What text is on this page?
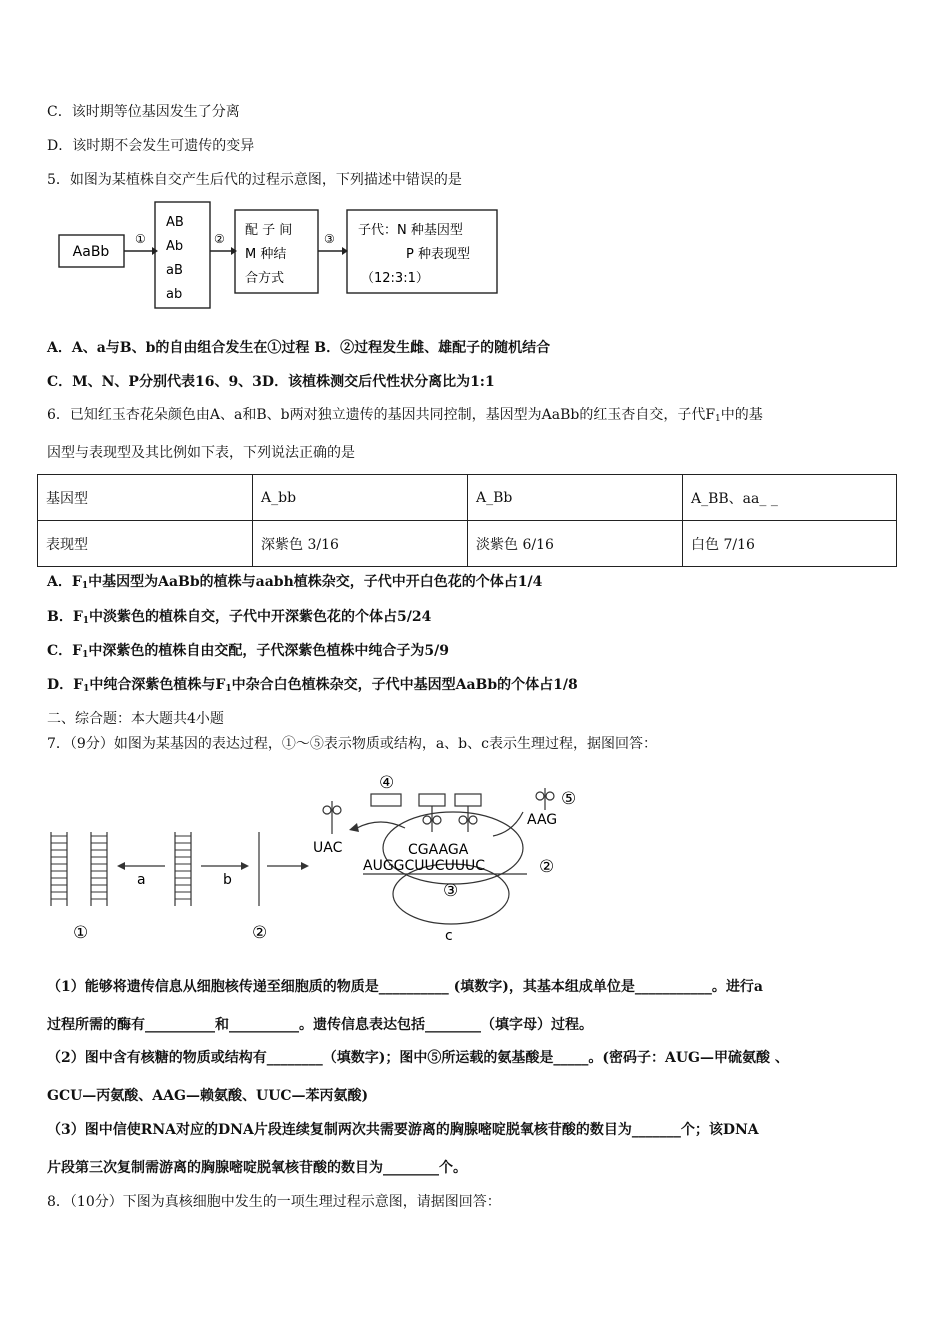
C．该时期等位基因发生了分离
D．该时期不会发生可遗传的变异
5．如图为某植株自交产生后代的过程示意图，下列描述中错误的是
AaBb
①
AB
Ab
aB
ab
②
配 子 间
M 种结
合方式
③
子代：N 种基因型
P 种表现型
（12:3:1）
A．A、a与B、b的自由组合发生在①过程 B．②过程发生雌、雄配子的随机结合
C．M、N、P分别代表16、9、3D．该植株测交后代性状分离比为1:1
6．已知红玉杏花朵颜色由A、a和B、b两对独立遗传的基因共同控制，基因型为AaBb的红玉杏自交，子代$F_1$中的基
因型与表现型及其比例如下表，下列说法正确的是
基因型	A_bb	A_Bb	A_BB、aa_ _
表现型	深紫色 3/16	淡紫色 6/16	白色 7/16
A．$F_1$中基因型为AaBb的植株与aabh植株杂交，子代中开白色花的个体占1/4
B．$F_1$中淡紫色的植株自交，子代中开深紫色花的个体占5/24
C．$F_1$中深紫色的植株自由交配，子代深紫色植株中纯合子为5/9
D．$F_1$中纯合深紫色植株与$F_1$中杂合白色植株杂交，子代中基因型AaBb的个体占1/8
二、综合题：本大题共4小题
7．（9分）如图为某基因的表达过程，①～⑤表示物质或结构，a、b、c表示生理过程，据图回答：
a	b
①	②
④
⑤
UAC
AAG
CGAAGA
AUGGCUUCUUUC	②
③
c
（1）能够将遗传信息从细胞核传递至细胞质的物质是__________ (填数字)，其基本组成单位是___________。进行a
过程所需的酶有__________和__________。遗传信息表达包括________（填字母）过程。
（2）图中含有核糖的物质或结构有________（填数字)；图中⑤所运载的氨基酸是_____。(密码子：AUG—甲硫氨酸 、
GCU—丙氨酸、AAG—赖氨酸、UUC—苯丙氨酸)
（3）图中信使RNA对应的DNA片段连续复制两次共需要游离的胸腺嘧啶脱氧核苷酸的数目为_______个；该DNA
片段第三次复制需游离的胸腺嘧啶脱氧核苷酸的数目为________个。
8．（10分）下图为真核细胞中发生的一项生理过程示意图，请据图回答：
